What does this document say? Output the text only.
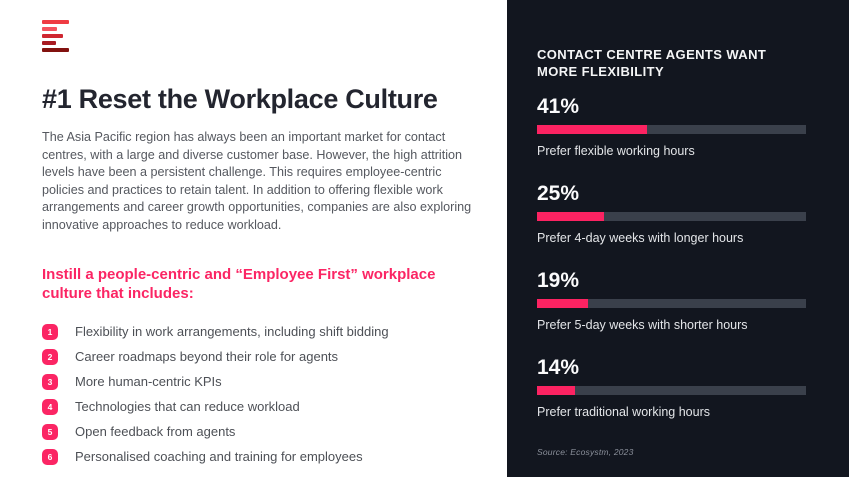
#1 Reset the Workplace Culture

The Asia Pacific region has always been an important market for contact centres, with a large and diverse customer base. However, the high attrition levels have been a persistent challenge. This requires employee-centric policies and practices to retain talent. In addition to offering flexible work arrangements and career growth opportunities, companies are also exploring innovative approaches to reduce workload.

Instill a people-centric and “Employee First” workplace culture that includes:
1	Flexibility in work arrangements, including shift bidding
2	Career roadmaps beyond their role for agents
3	More human-centric KPIs
4	Technologies that can reduce workload
5	Open feedback from agents
6	Personalised coaching and training for employees
CONTACT CENTRE AGENTS WANT MORE FLEXIBILITY
41%
Prefer flexible working hours
25%
Prefer 4-day weeks with longer hours
19%
Prefer 5-day weeks with shorter hours
14%
Prefer traditional working hours
Source: Ecosystm, 2023
